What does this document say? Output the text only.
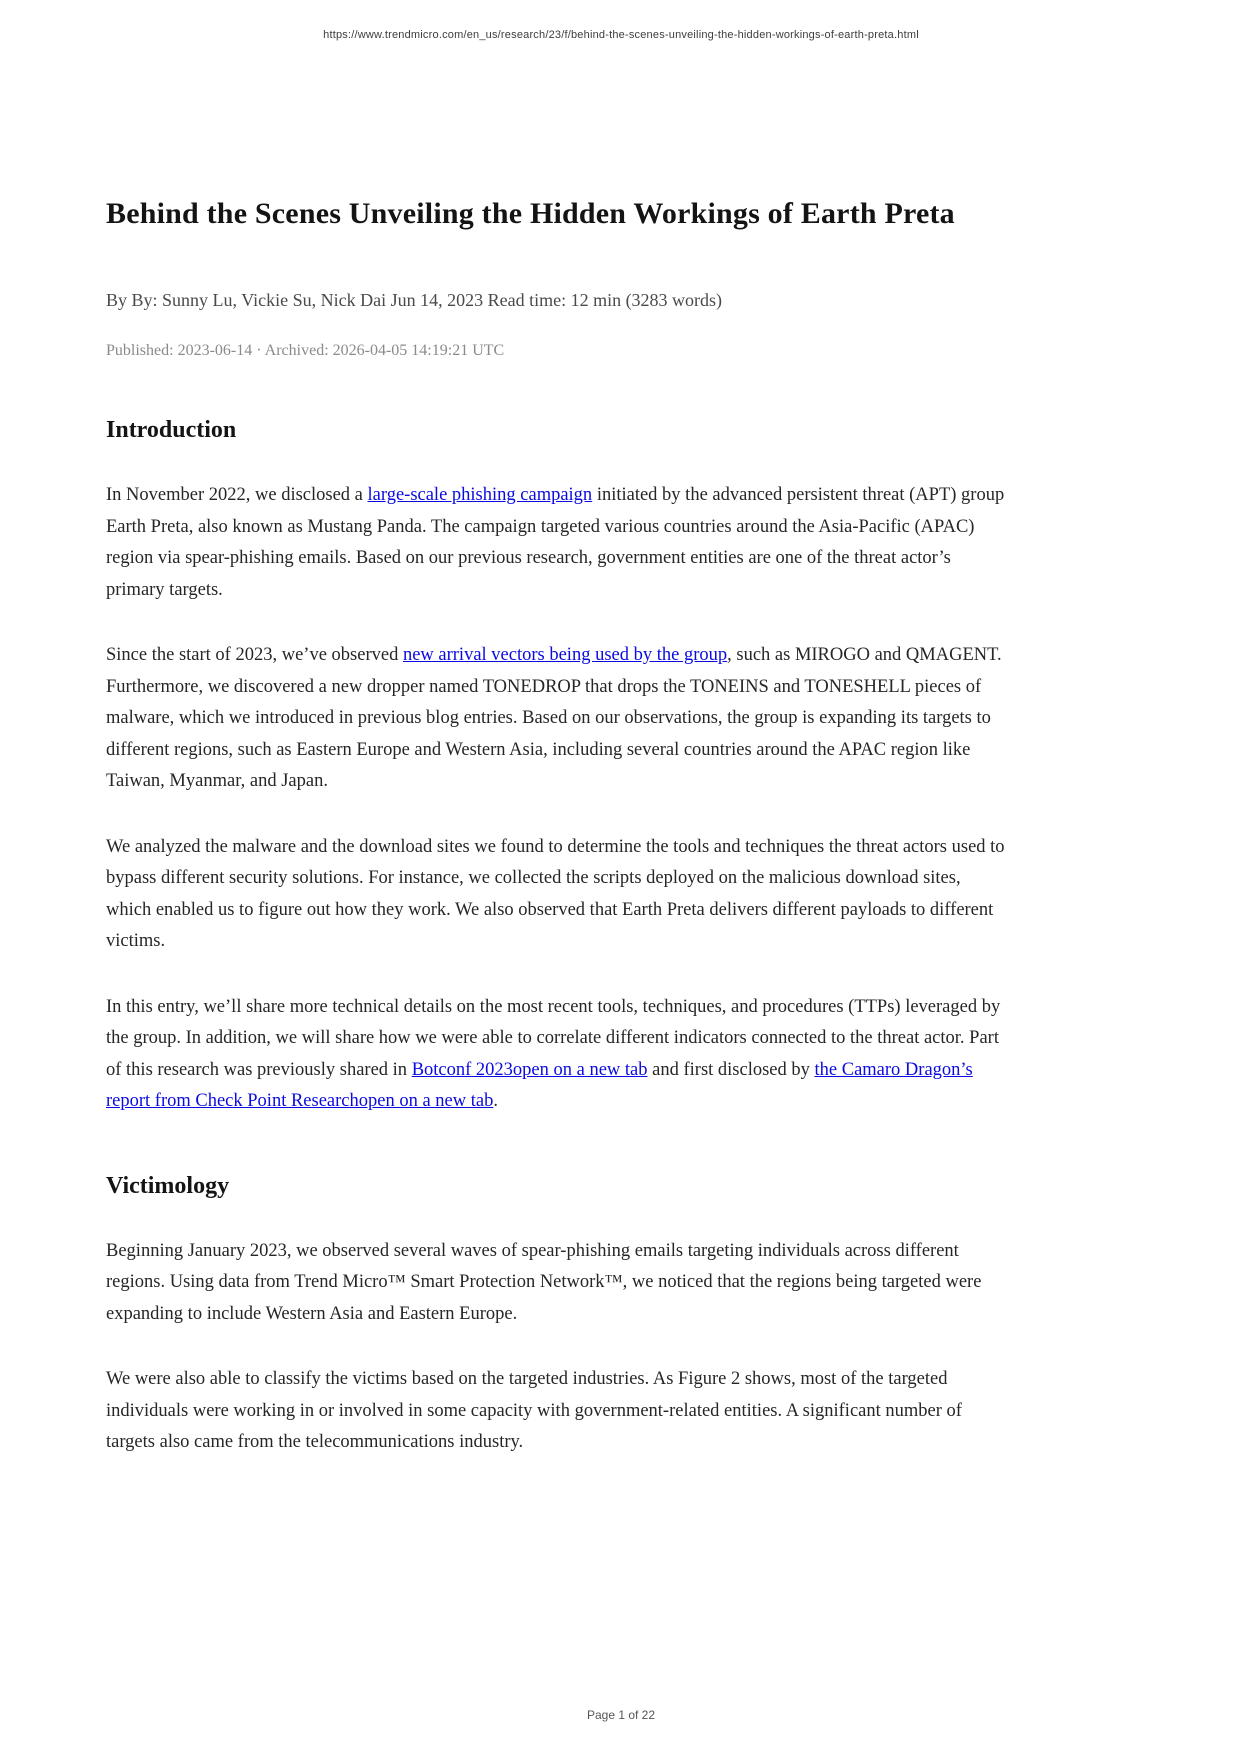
https://www.trendmicro.com/en_us/research/23/f/behind-the-scenes-unveiling-the-hidden-workings-of-earth-preta.html
Behind the Scenes Unveiling the Hidden Workings of Earth Preta

By By: Sunny Lu, Vickie Su, Nick Dai Jun 14, 2023 Read time: 12 min (3283 words)

Published: 2023-06-14 · Archived: 2026-04-05 14:19:21 UTC

Introduction

In November 2022, we disclosed a large-scale phishing campaign initiated by the advanced persistent threat (APT) group Earth Preta, also known as Mustang Panda. The campaign targeted various countries around the Asia-Pacific (APAC) region via spear-phishing emails. Based on our previous research, government entities are one of the threat actor’s primary targets.

Since the start of 2023, we’ve observed new arrival vectors being used by the group, such as MIROGO and QMAGENT. Furthermore, we discovered a new dropper named TONEDROP that drops the TONEINS and TONESHELL pieces of malware, which we introduced in previous blog entries. Based on our observations, the group is expanding its targets to different regions, such as Eastern Europe and Western Asia, including several countries around the APAC region like Taiwan, Myanmar, and Japan.

We analyzed the malware and the download sites we found to determine the tools and techniques the threat actors used to bypass different security solutions. For instance, we collected the scripts deployed on the malicious download sites, which enabled us to figure out how they work. We also observed that Earth Preta delivers different payloads to different victims.

In this entry, we’ll share more technical details on the most recent tools, techniques, and procedures (TTPs) leveraged by the group. In addition, we will share how we were able to correlate different indicators connected to the threat actor. Part of this research was previously shared in Botconf 2023open on a new tab and first disclosed by the Camaro Dragon’s report from Check Point Researchopen on a new tab.

Victimology

Beginning January 2023, we observed several waves of spear-phishing emails targeting individuals across different regions. Using data from Trend Micro™ Smart Protection Network™, we noticed that the regions being targeted were expanding to include Western Asia and Eastern Europe.

We were also able to classify the victims based on the targeted industries. As Figure 2 shows, most of the targeted individuals were working in or involved in some capacity with government-related entities. A significant number of targets also came from the telecommunications industry.

Page 1 of 22
